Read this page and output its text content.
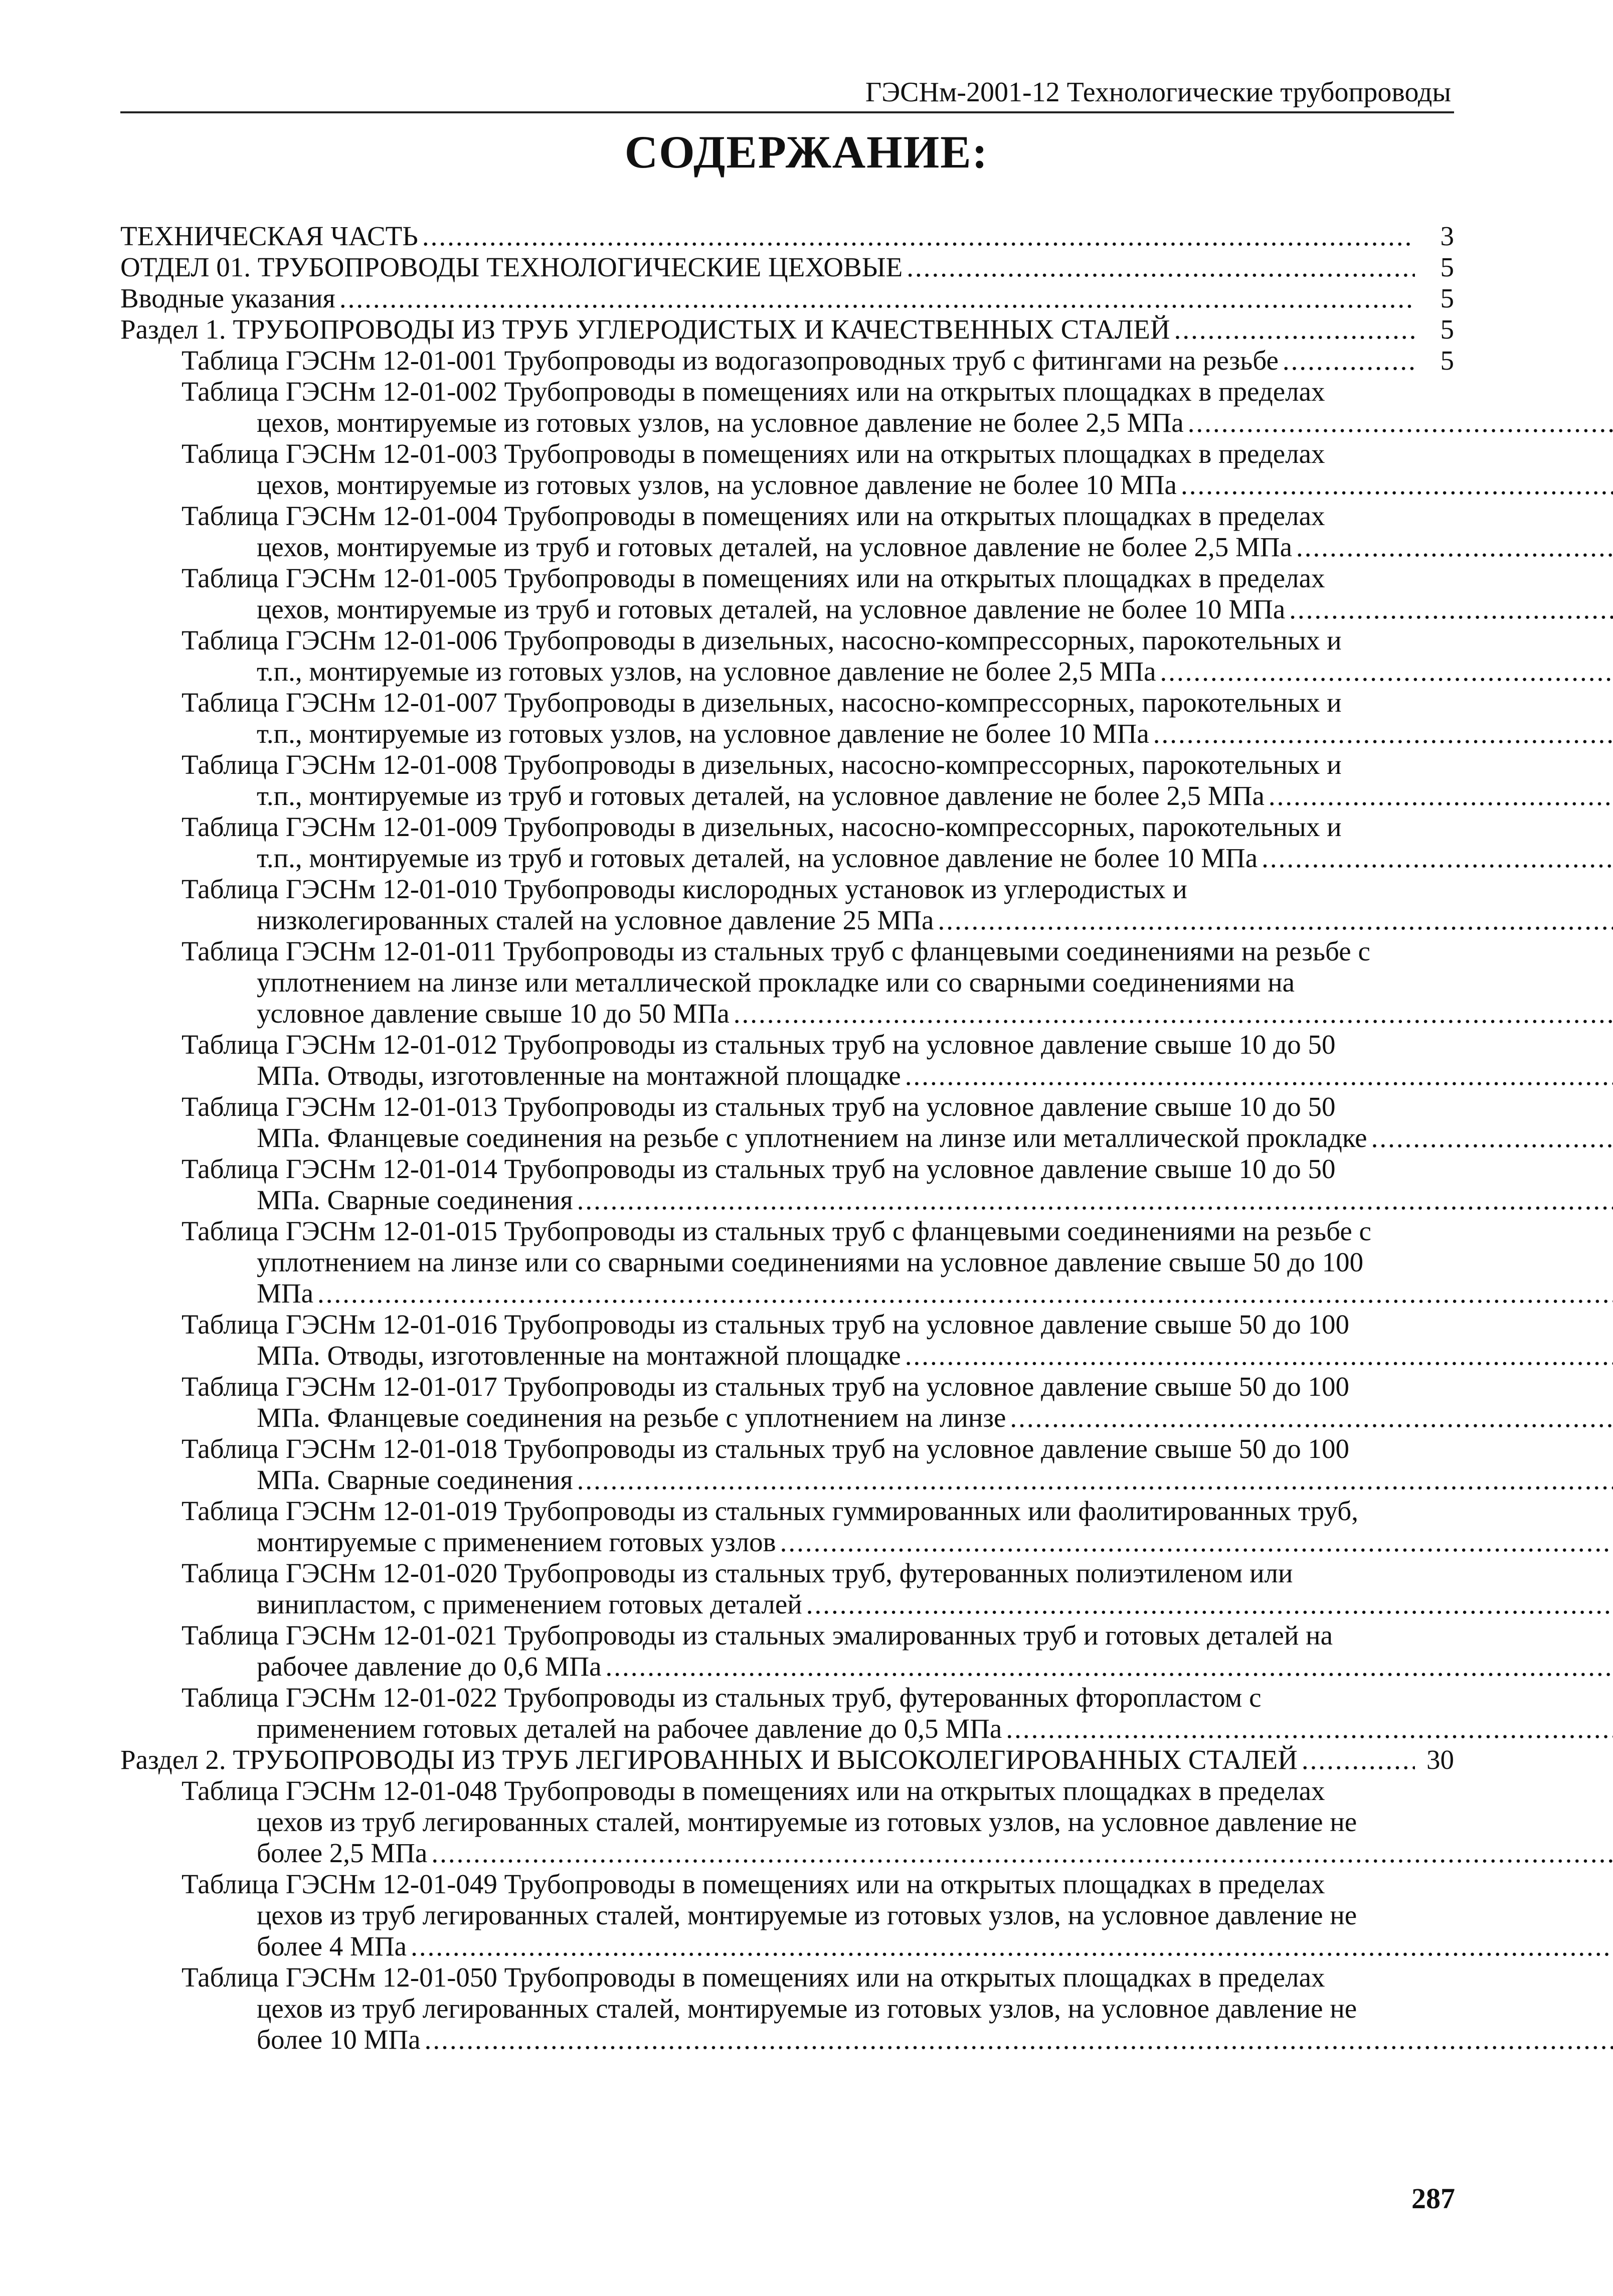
ГЭСНм-2001-12 Технологические трубопроводы
СОДЕРЖАНИЕ:
ТЕХНИЧЕСКАЯ ЧАСТЬ .....	3
ОТДЕЛ 01. ТРУБОПРОВОДЫ ТЕХНОЛОГИЧЕСКИЕ ЦЕХОВЫЕ .....	5
Вводные указания .....	5
Раздел 1. ТРУБОПРОВОДЫ ИЗ ТРУБ УГЛЕРОДИСТЫХ И КАЧЕСТВЕННЫХ СТАЛЕЙ .....	5
Таблица ГЭСНм 12-01-001 Трубопроводы из водогазопроводных труб с фитингами на резьбе .....	5
Таблица ГЭСНм 12-01-002 Трубопроводы в помещениях или на открытых площадках в пределах
цехов, монтируемые из готовых узлов, на условное давление не более 2,5 МПа .....
Таблица ГЭСНм 12-01-003 Трубопроводы в помещениях или на открытых площадках в пределах
цехов, монтируемые из готовых узлов, на условное давление не более 10 МПа .....
Таблица ГЭСНм 12-01-004 Трубопроводы в помещениях или на открытых площадках в пределах
цехов, монтируемые из труб и готовых деталей, на условное давление не более 2,5 МПа .....
Таблица ГЭСНм 12-01-005 Трубопроводы в помещениях или на открытых площадках в пределах
цехов, монтируемые из труб и готовых деталей, на условное давление не более 10 МПа .....
Таблица ГЭСНм 12-01-006 Трубопроводы в дизельных, насосно-компрессорных, парокотельных и
т.п., монтируемые из готовых узлов, на условное давление не более 2,5 МПа .....
Таблица ГЭСНм 12-01-007 Трубопроводы в дизельных, насосно-компрессорных, парокотельных и
т.п., монтируемые из готовых узлов, на условное давление не более 10 МПа .....
Таблица ГЭСНм 12-01-008 Трубопроводы в дизельных, насосно-компрессорных, парокотельных и
т.п., монтируемые из труб и готовых деталей, на условное давление не более 2,5 МПа .....
Таблица ГЭСНм 12-01-009 Трубопроводы в дизельных, насосно-компрессорных, парокотельных и
т.п., монтируемые из труб и готовых деталей, на условное давление не более 10 МПа .....
Таблица ГЭСНм 12-01-010 Трубопроводы кислородных установок из углеродистых и
низколегированных сталей на условное давление 25 МПа .....
Таблица ГЭСНм 12-01-011 Трубопроводы из стальных труб с фланцевыми соединениями на резьбе с
уплотнением на линзе или металлической прокладке или со сварными соединениями на
условное давление свыше 10 до 50 МПа .....
Таблица ГЭСНм 12-01-012 Трубопроводы из стальных труб на условное давление свыше 10 до 50
МПа. Отводы, изготовленные на монтажной площадке .....
Таблица ГЭСНм 12-01-013 Трубопроводы из стальных труб на условное давление свыше 10 до 50
МПа. Фланцевые соединения на резьбе с уплотнением на линзе или металлической прокладке .....
Таблица ГЭСНм 12-01-014 Трубопроводы из стальных труб на условное давление свыше 10 до 50
МПа. Сварные соединения .....
Таблица ГЭСНм 12-01-015 Трубопроводы из стальных труб с фланцевыми соединениями на резьбе с
уплотнением на линзе или со сварными соединениями на условное давление свыше 50 до 100
МПа .....
Таблица ГЭСНм 12-01-016 Трубопроводы из стальных труб на условное давление свыше 50 до 100
МПа. Отводы, изготовленные на монтажной площадке .....
Таблица ГЭСНм 12-01-017 Трубопроводы из стальных труб на условное давление свыше 50 до 100
МПа. Фланцевые соединения на резьбе с уплотнением на линзе .....
Таблица ГЭСНм 12-01-018 Трубопроводы из стальных труб на условное давление свыше 50 до 100
МПа. Сварные соединения .....
Таблица ГЭСНм 12-01-019 Трубопроводы из стальных гуммированных или фаолитированных труб,
монтируемые с применением готовых узлов .....
Таблица ГЭСНм 12-01-020 Трубопроводы из стальных труб, футерованных полиэтиленом или
винипластом, с применением готовых деталей .....
Таблица ГЭСНм 12-01-021 Трубопроводы из стальных эмалированных труб и готовых деталей на
рабочее давление до 0,6 МПа .....
Таблица ГЭСНм 12-01-022 Трубопроводы из стальных труб, футерованных фторопластом с
применением готовых деталей на рабочее давление до 0,5 МПа .....
Раздел 2. ТРУБОПРОВОДЫ ИЗ ТРУБ ЛЕГИРОВАННЫХ И ВЫСОКОЛЕГИРОВАННЫХ СТАЛЕЙ .....	30
Таблица ГЭСНм 12-01-048 Трубопроводы в помещениях или на открытых площадках в пределах
цехов из труб легированных сталей, монтируемые из готовых узлов, на условное давление не
более 2,5 МПа .....
Таблица ГЭСНм 12-01-049 Трубопроводы в помещениях или на открытых площадках в пределах
цехов из труб легированных сталей, монтируемые из готовых узлов, на условное давление не
более 4 МПа .....
Таблица ГЭСНм 12-01-050 Трубопроводы в помещениях или на открытых площадках в пределах
цехов из труб легированных сталей, монтируемые из готовых узлов, на условное давление не
более 10 МПа .....
287
